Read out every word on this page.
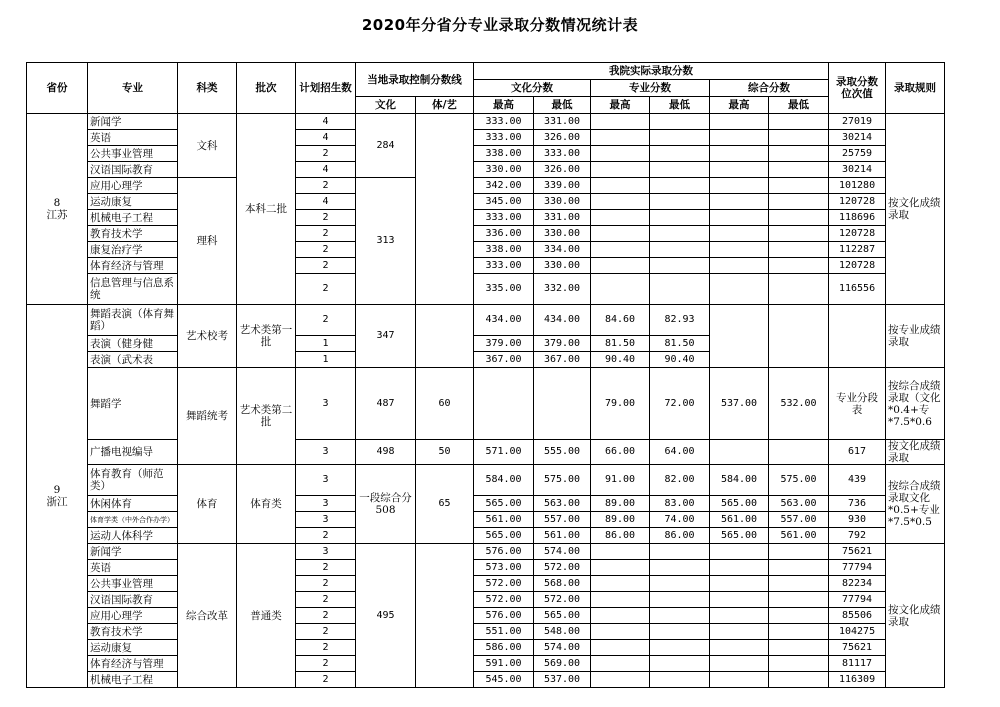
2020年分省分专业录取分数情况统计表
省份	专业	科类	批次	计划招生数	当地录取控制分数线		我院实际录取分数						录取分数位次值	录取规则
							文化分数		专业分数		综合分数			
					文化	体/艺	最高	最低	最高	最低	最高	最低		
8
江苏	新闻学	文科	本科二批	4	284		333.00	331.00					27019	按文化成绩录取
	英语			4			333.00	326.00					30214	
	公共事业管理			2			338.00	333.00					25759	
	汉语国际教育			4			330.00	326.00					30214	
	应用心理学	理科		2	313		342.00	339.00					101280	
	运动康复			4			345.00	330.00					120728	
	机械电子工程			2			333.00	331.00					118696	
	教育技术学			2			336.00	330.00					120728	
	康复治疗学			2			338.00	334.00					112287	
	体育经济与管理			2			333.00	330.00					120728	
	信息管理与信息系统			2			335.00	332.00					116556	
9
浙江	舞蹈表演（体育舞蹈）	艺术校考	艺术类第一批	2	347		434.00	434.00	84.60	82.93				按专业成绩录取
	表演（健身健			1			379.00	379.00	81.50	81.50				
	表演（武术表			1			367.00	367.00	90.40	90.40				
	舞蹈学	舞蹈统考	艺术类第二批	3	487	60			79.00	72.00	537.00	532.00	专业分段表	按综合成绩录取（文化*0.4+专*7.5*0.6
	广播电视编导			3	498	50	571.00	555.00	66.00	64.00			617	按文化成绩录取
	体育教育（师范类）	体育	体育类	3	一段综合分508	65	584.00	575.00	91.00	82.00	584.00	575.00	439	按综合成绩录取文化*0.5+专业*7.5*0.5
	休闲体育			3			565.00	563.00	89.00	83.00	565.00	563.00	736	
	体育学类（中外合作办学）			3			561.00	557.00	89.00	74.00	561.00	557.00	930	
	运动人体科学			2			565.00	561.00	86.00	86.00	565.00	561.00	792	
	新闻学	综合改革	普通类	3	495		576.00	574.00					75621	按文化成绩录取
	英语			2			573.00	572.00					77794	
	公共事业管理			2			572.00	568.00					82234	
	汉语国际教育			2			572.00	572.00					77794	
	应用心理学			2			576.00	565.00					85506	
	教育技术学			2			551.00	548.00					104275	
	运动康复			2			586.00	574.00					75621	
	体育经济与管理			2			591.00	569.00					81117	
	机械电子工程			2			545.00	537.00					116309	
